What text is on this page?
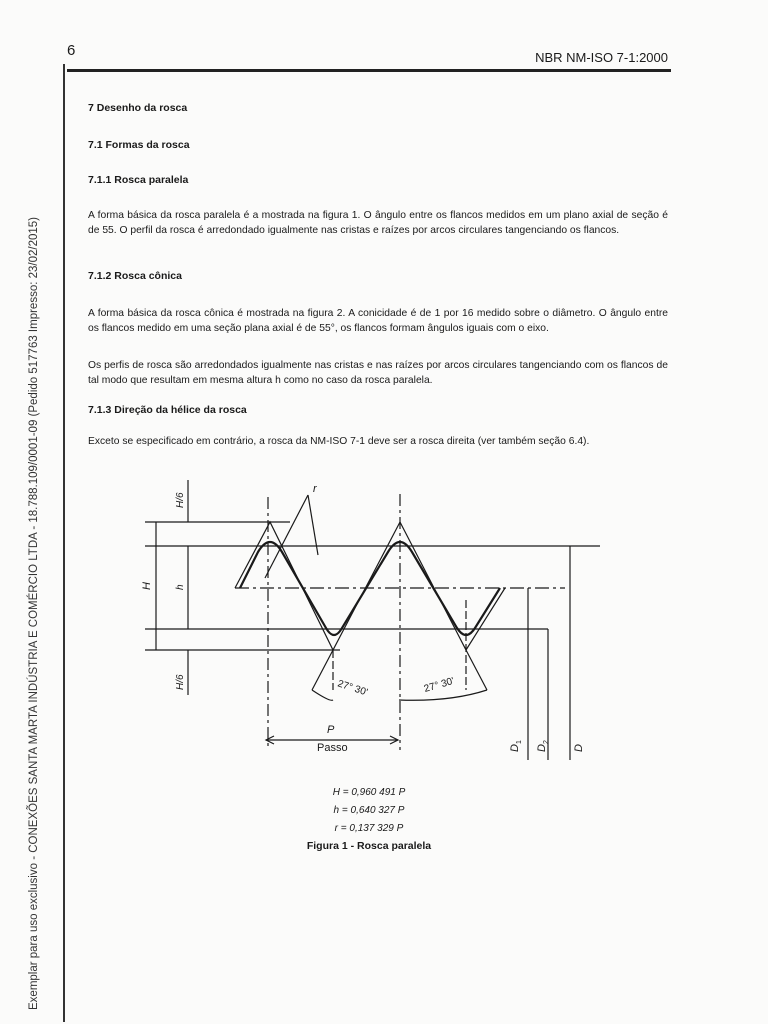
6	NBR NM-ISO 7-1:2000
Exemplar para uso exclusivo - CONEXÕES SANTA MARTA INDÚSTRIA E COMÉRCIO LTDA - 18.788.109/0001-09 (Pedido 517763 Impresso: 23/02/2015)
7 Desenho da rosca
7.1 Formas da rosca
7.1.1 Rosca paralela

A forma básica da rosca paralela é a mostrada na figura 1. O ângulo entre os flancos medidos em um plano axial de seção é de 55. O perfil da rosca é arredondado igualmente nas cristas e raízes por arcos circulares tangenciando os flancos.

7.1.2 Rosca cônica

A forma básica da rosca cônica é mostrada na figura 2. A conicidade é de 1 por 16 medido sobre o diâmetro. O ângulo entre os flancos medido em uma seção plana axial é de 55°, os flancos formam ângulos iguais com o eixo.

Os perfis de rosca são arredondados igualmente nas cristas e nas raízes por arcos circulares tangenciando com os flancos de tal modo que resultam em mesma altura h como no caso da rosca paralela.

7.1.3 Direção da hélice da rosca

Exceto se especificado em contrário, a rosca da NM-ISO 7-1 deve ser a rosca direita (ver também seção 6.4).

r
H/6
H h
H/6	27° 30'	27° 30'
P
Passo	D
1
D
2
D
H = 0,960 491 P
h = 0,640 327 P
r = 0,137 329 P
Figura 1 - Rosca paralela
